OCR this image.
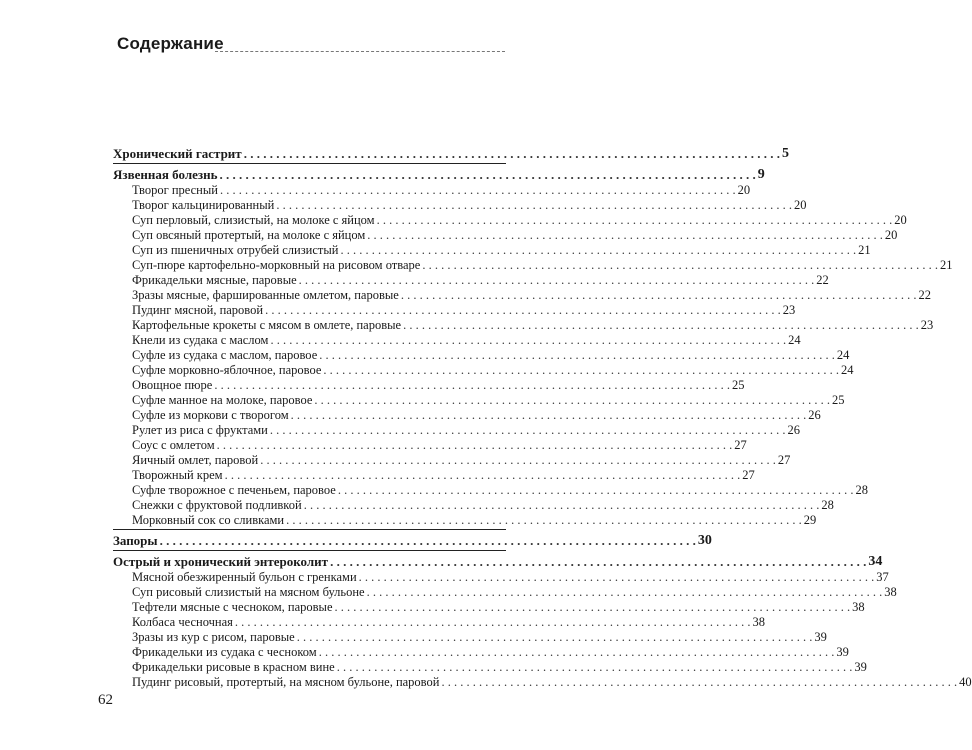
Содержание
Хронический гастрит . . .	5
Язвенная болезнь . . .	9
Творог пресный . . .	20
Творог кальцинированный . . .	20
Суп перловый, слизистый, на молоке с яйцом . . .	20
Суп овсяный протертый, на молоке с яйцом . . .	20
Суп из пшеничных отрубей слизистый . . .	21
Суп-пюре картофельно-морковный на рисовом отваре . . .	21
Фрикадельки мясные, паровые . . .	22
Зразы мясные, фаршированные омлетом, паровые . . .	22
Пудинг мясной, паровой . . .	23
Картофельные крокеты с мясом в омлете, паровые . . .	23
Кнели из судака с маслом . . .	24
Суфле из судака с маслом, паровое . . .	24
Суфле морковно-яблочное, паровое . . .	24
Овощное пюре . . .	25
Суфле манное на молоке, паровое . . .	25
Суфле из моркови с творогом . . .	26
Рулет из риса с фруктами . . .	26
Соус с омлетом . . .	27
Яичный омлет, паровой . . .	27
Творожный крем . . .	27
Суфле творожное с печеньем, паровое . . .	28
Снежки с фруктовой подливкой . . .	28
Морковный сок со сливками . . .	29
Запоры . . .	30
Острый и хронический энтероколит . . .	34
Мясной обезжиренный бульон с гренками . . .	37
Суп рисовый слизистый на мясном бульоне . . .	38
Тефтели мясные с чесноком, паровые . . .	38
Колбаса чесночная . . .	38
Зразы из кур с рисом, паровые . . .	39
Фрикадельки из судака с чесноком . . .	39
Фрикадельки рисовые в красном вине . . .	39
Пудинг рисовый, протертый, на мясном бульоне, паровой . . .	40
62
